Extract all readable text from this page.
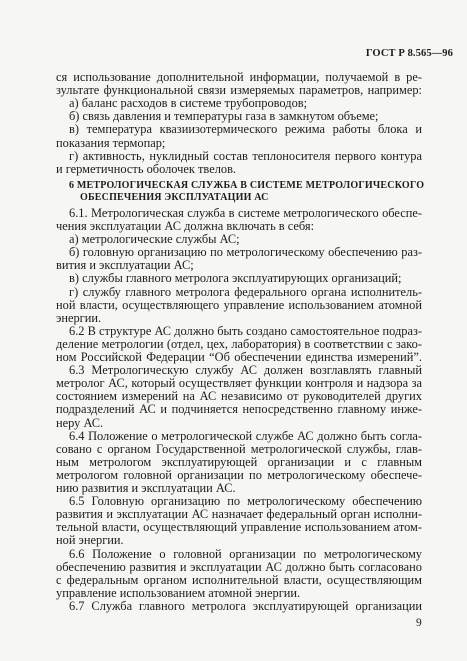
ГОСТ Р 8.565—96
ся использование дополнительной информации, получаемой в ре-
зультате функциональной связи измеряемых параметров, например:
а) баланс расходов в системе трубопроводов;
б) связь давления и температуры газа в замкнутом объеме;
в) температура квазиизотермического режима работы блока и
показания термопар;
г) активность, нуклидный состав теплоносителя первого контура
и герметичность оболочек твелов.
6 МЕТРОЛОГИЧЕСКАЯ СЛУЖБА В СИСТЕМЕ МЕТРОЛОГИЧЕСКОГО
ОБЕСПЕЧЕНИЯ ЭКСПЛУАТАЦИИ АС
6.1. Метрологическая служба в системе метрологического обеспе-
чения эксплуатации АС должна включать в себя:
а) метрологические службы АС;
б) головную организацию по метрологическому обеспечению раз-
вития и эксплуатации АС;
в) службы главного метролога эксплуатирующих организаций;
г) службу главного метролога федерального органа исполнитель-
ной власти, осуществляющего управление использованием атомной
энергии.
6.2 В структуре АС должно быть создано самостоятельное подраз-
деление метрологии (отдел, цех, лаборатория) в соответствии с зако-
ном Российской Федерации “Об обеспечении единства измерений”.
6.3 Метрологическую службу АС должен возглавлять главный
метролог АС, который осуществляет функции контроля и надзора за
состоянием измерений на АС независимо от руководителей других
подразделений АС и подчиняется непосредственно главному инже-
неру АС.
6.4 Положение о метрологической службе АС должно быть согла-
совано с органом Государственной метрологической службы, глав-
ным метрологом эксплуатирующей организации и с главным
метрологом головной организации по метрологическому обеспече-
нию развития и эксплуатации АС.
6.5 Головную организацию по метрологическому обеспечению
развития и эксплуатации АС назначает федеральный орган исполни-
тельной власти, осуществляющий управление использованием атом-
ной энергии.
9
6.6 Положение о головной организации по метрологическому
обеспечению развития и эксплуатации АС должно быть согласовано
с федеральным органом исполнительной власти, осуществляющим
управление использованием атомной энергии.
6.7 Служба главного метролога эксплуатирующей организации
